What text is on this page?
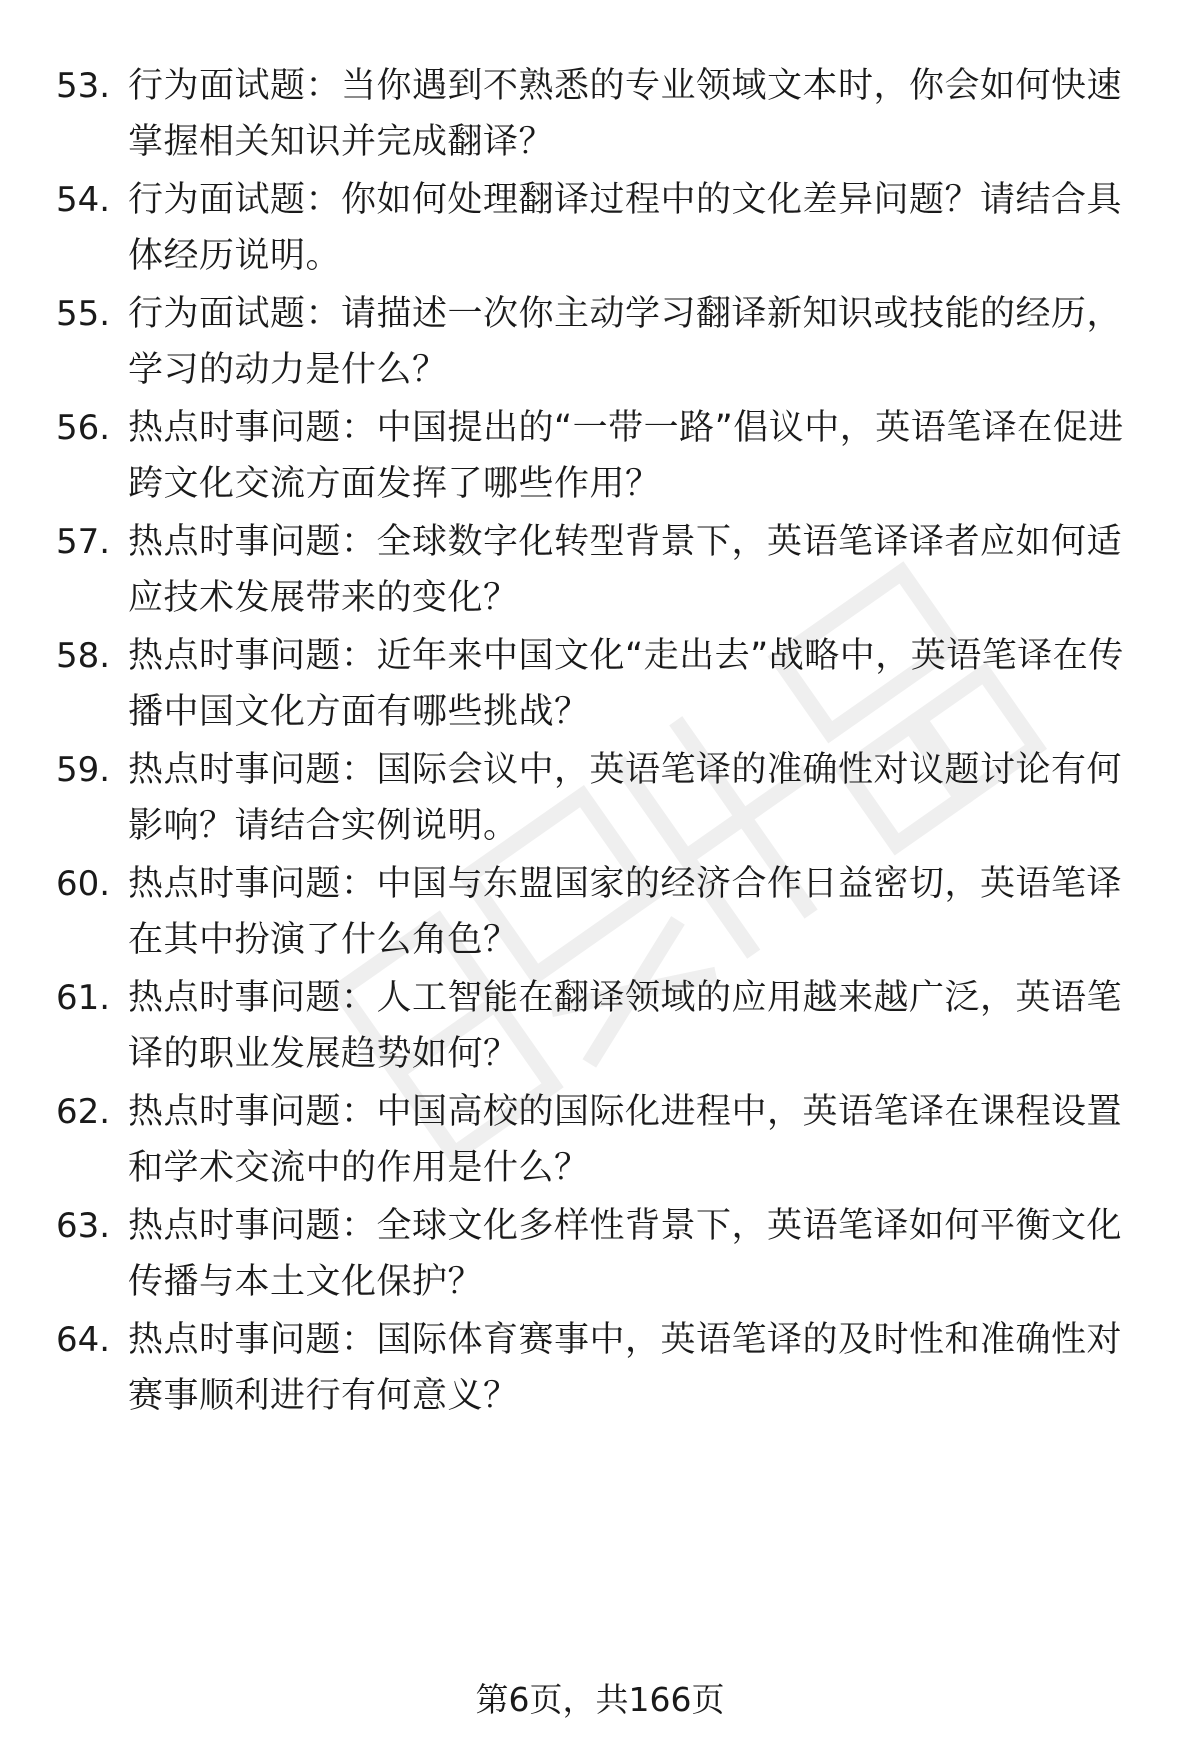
53. 行为面试题：当你遇到不熟悉的专业领域文本时，你会如何快速掌握相关知识并完成翻译？
54. 行为面试题：你如何处理翻译过程中的文化差异问题？请结合具体经历说明。
55. 行为面试题：请描述一次你主动学习翻译新知识或技能的经历，学习的动力是什么？
56. 热点时事问题：中国提出的“一带一路”倡议中，英语笔译在促进跨文化交流方面发挥了哪些作用？
57. 热点时事问题：全球数字化转型背景下，英语笔译译者应如何适应技术发展带来的变化？
58. 热点时事问题：近年来中国文化“走出去”战略中，英语笔译在传播中国文化方面有哪些挑战？
59. 热点时事问题：国际会议中，英语笔译的准确性对议题讨论有何影响？请结合实例说明。
60. 热点时事问题：中国与东盟国家的经济合作日益密切，英语笔译在其中扮演了什么角色？
61. 热点时事问题：人工智能在翻译领域的应用越来越广泛，英语笔译的职业发展趋势如何？
62. 热点时事问题：中国高校的国际化进程中，英语笔译在课程设置和学术交流中的作用是什么？
63. 热点时事问题：全球文化多样性背景下，英语笔译如何平衡文化传播与本土文化保护？
64. 热点时事问题：国际体育赛事中，英语笔译的及时性和准确性对赛事顺利进行有何意义？
第6页，共166页
